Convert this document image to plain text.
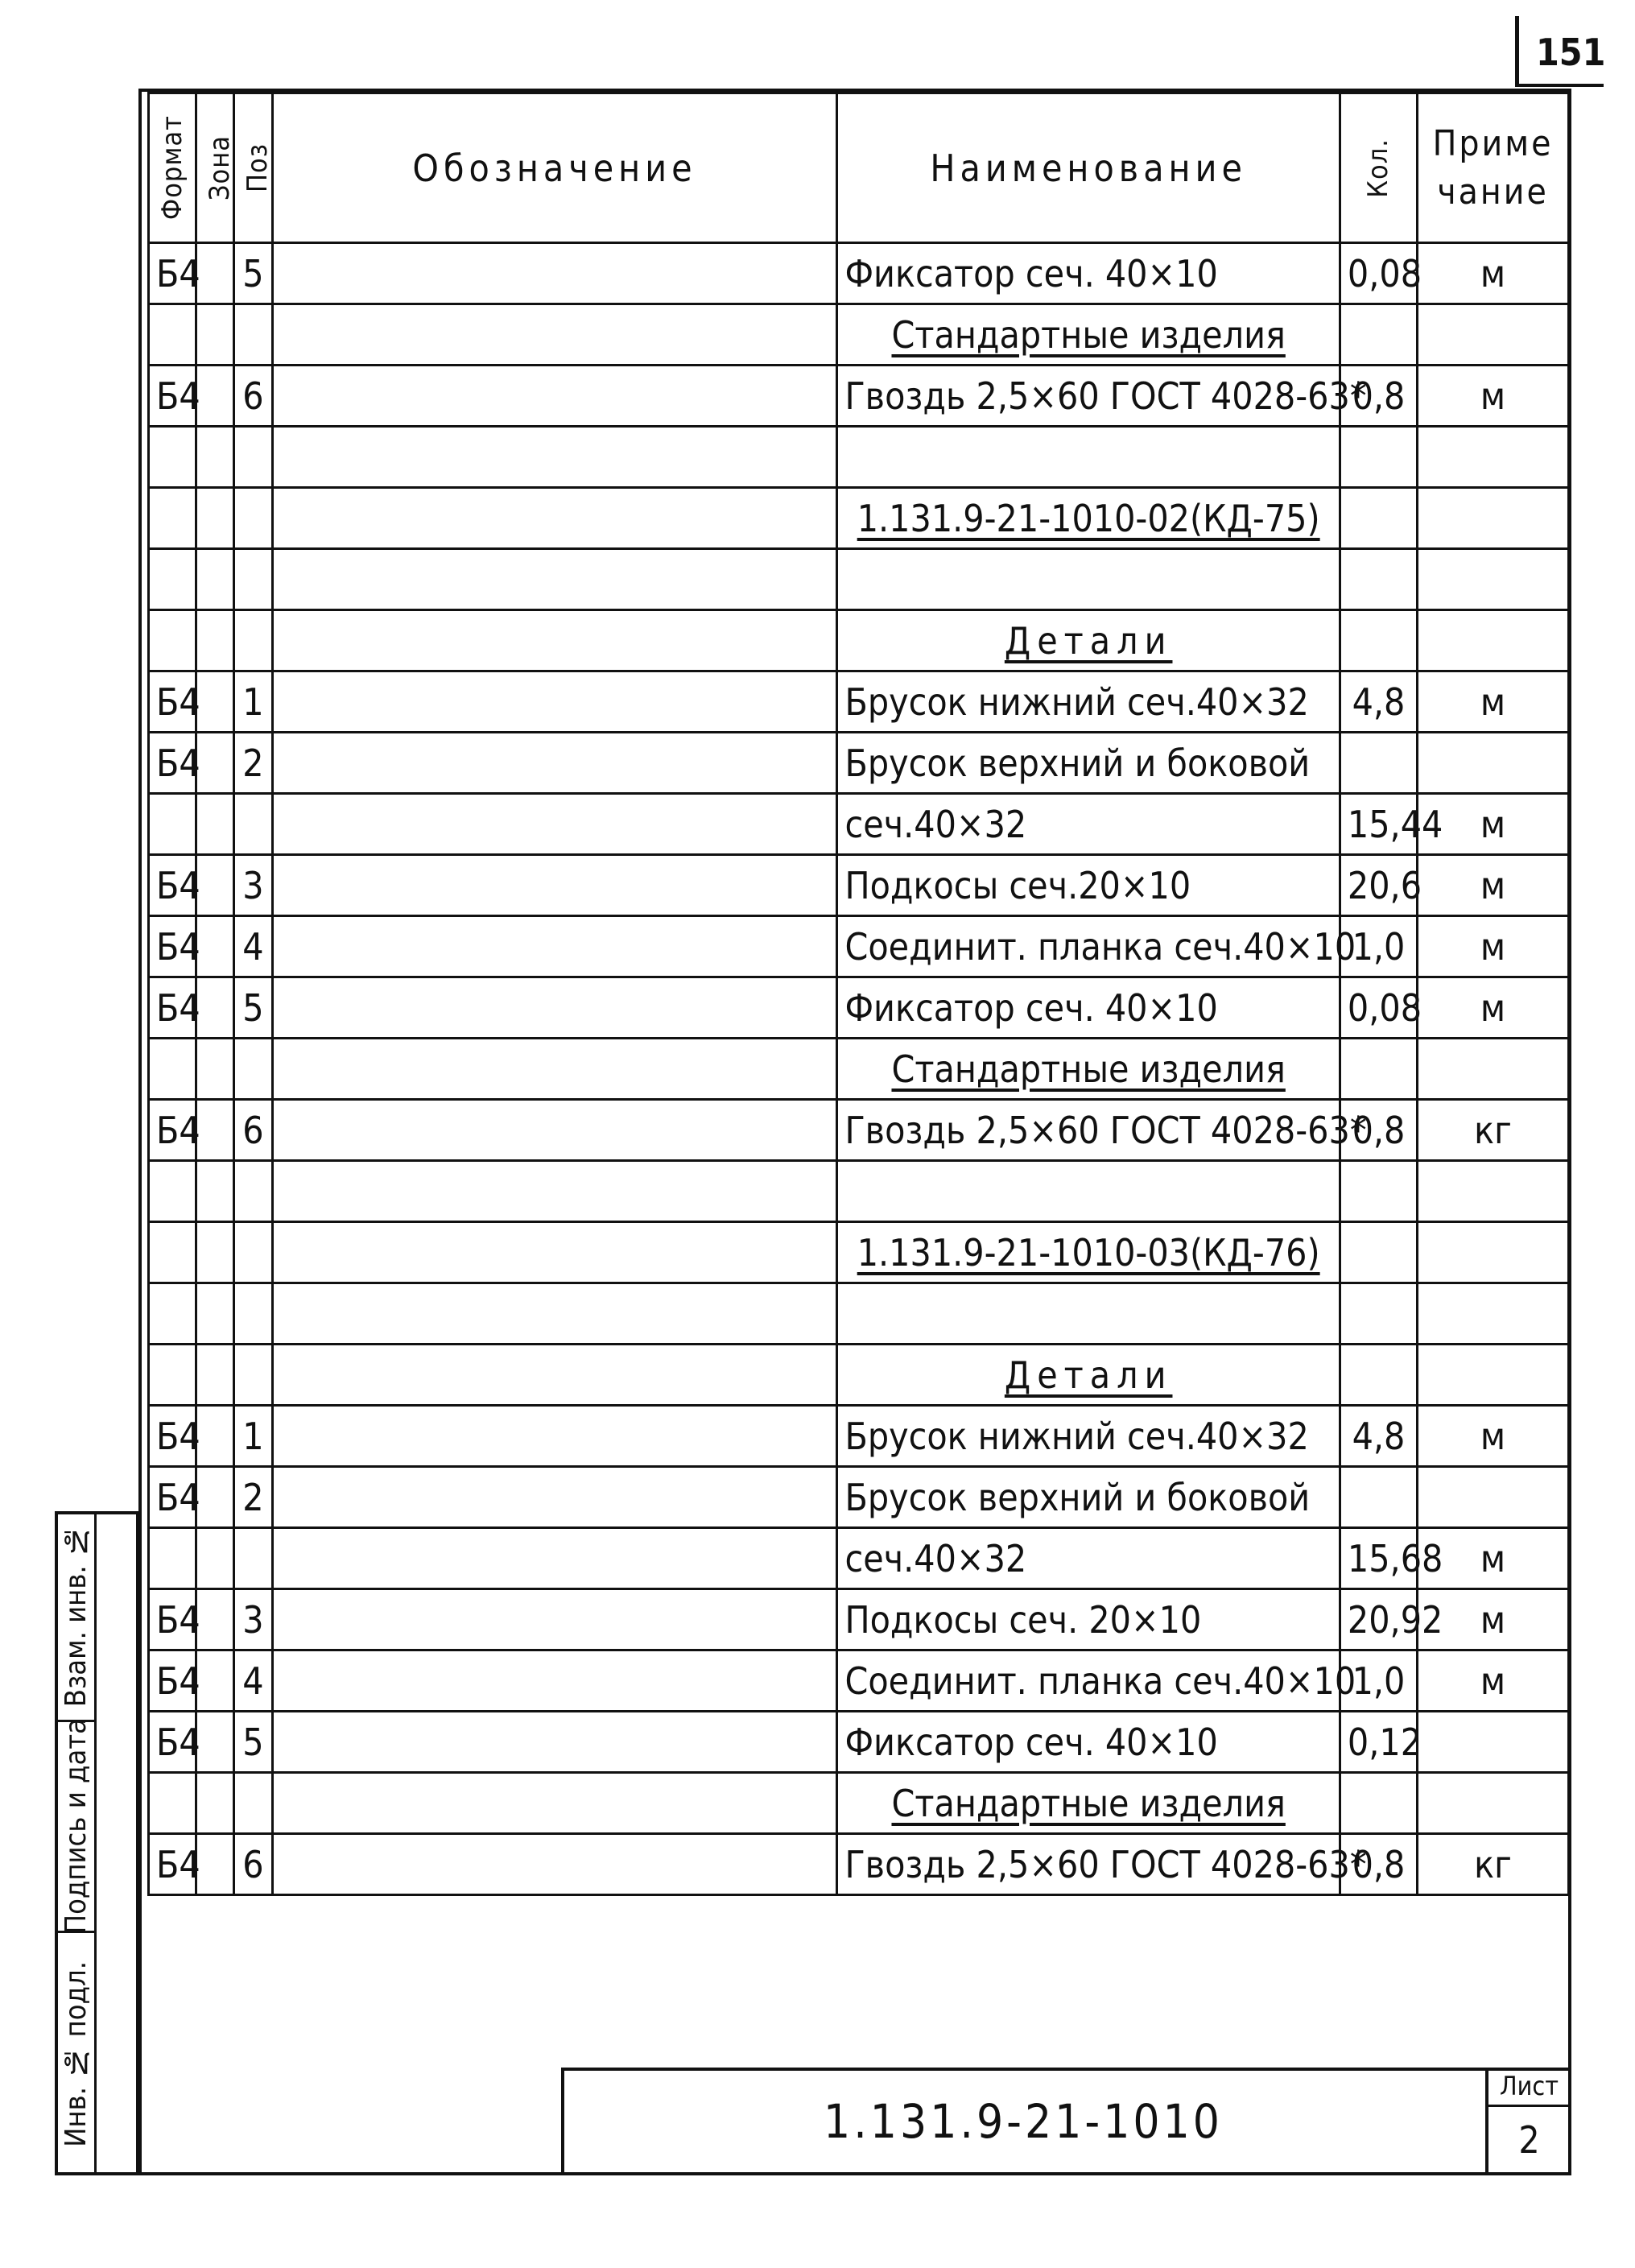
151
Формат	Зона	Поз	Обозначение	Наименование	Кол.	Приме
чание

Б4		5		Фиксатор сеч. 40×10	0,08	м
				Стандартные изделия		
Б4		6		Гвоздь 2,5×60 ГОСТ 4028-63*	0,8	м

				1.131.9-21-1010-02(КД-75)		

				Детали		
Б4		1		Брусок нижний сеч.40×32	4,8	м
Б4		2		Брусок верхний и боковой		
				сеч.40×32	15,44	м
Б4		3		Подкосы сеч.20×10	20,6	м
Б4		4		Соединит. планка сеч.40×10	1,0	м
Б4		5		Фиксатор сеч. 40×10	0,08	м
				Стандартные изделия		
Б4		6		Гвоздь 2,5×60 ГОСТ 4028-63*	0,8	кг

				1.131.9-21-1010-03(КД-76)		

				Детали		
Б4		1		Брусок нижний сеч.40×32	4,8	м
Б4		2		Брусок верхний и боковой		
				сеч.40×32	15,68	м
Б4		3		Подкосы сеч. 20×10	20,92	м
Б4		4		Соединит. планка сеч.40×10	1,0	м
Б4		5		Фиксатор сеч. 40×10	0,12	
				Стандартные изделия		
Б4		6		Гвоздь 2,5×60 ГОСТ 4028-63*	0,8	кг
Взам. инв. №
Подпись и дата
Инв. № подл.	1.131.9-21-1010
Лист
2
